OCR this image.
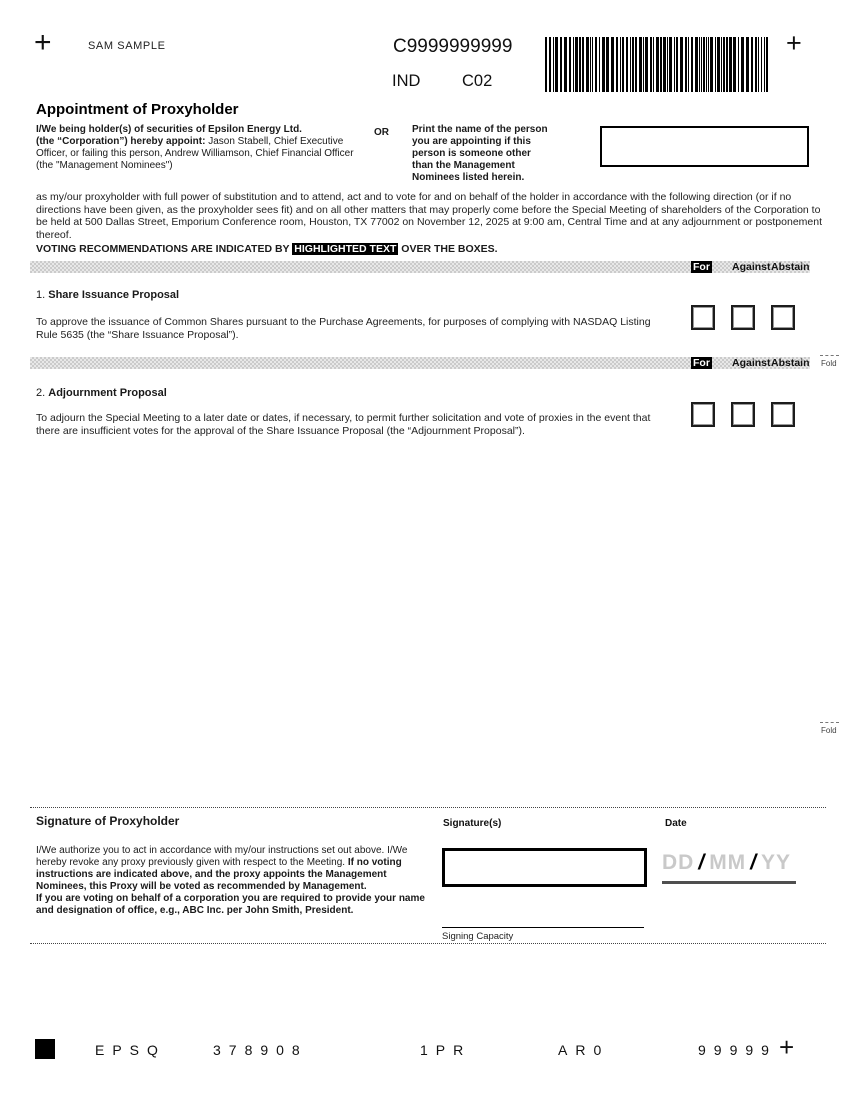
+	SAM SAMPLE	C9999999999
IND	C02
+
Appointment of Proxyholder
I/We being holder(s) of securities of Epsilon Energy Ltd.
(the “Corporation”) hereby appoint: Jason Stabell, Chief Executive Officer, or failing this person, Andrew Williamson, Chief Financial Officer (the "Management Nominees")
OR Print the name of the person you are appointing if this person is someone other than the Management Nominees listed herein.
as my/our proxyholder with full power of substitution and to attend, act and to vote for and on behalf of the holder in accordance with the following direction (or if no directions have been given, as the proxyholder sees fit) and on all other matters that may properly come before the Special Meeting of shareholders of the Corporation to be held at 500 Dallas Street, Emporium Conference room, Houston, TX 77002 on November 12, 2025 at 9:00 am, Central Time and at any adjournment or postponement thereof.
VOTING RECOMMENDATIONS ARE INDICATED BY HIGHLIGHTED TEXT OVER THE BOXES.
For Against Abstain
1. Share Issuance Proposal
To approve the issuance of Common Shares pursuant to the Purchase Agreements, for purposes of complying with NASDAQ Listing Rule 5635 (the “Share Issuance Proposal”).
For Against Abstain Fold
2. Adjournment Proposal
To adjourn the Special Meeting to a later date or dates, if necessary, to permit further solicitation and vote of proxies in the event that there are insufficient votes for the approval of the Share Issuance Proposal (the “Adjournment Proposal”).
Fold
Signature of Proxyholder	Signature(s)	Date
I/We authorize you to act in accordance with my/our instructions set out above. I/We hereby revoke any proxy previously given with respect to the Meeting. If no voting instructions are indicated above, and the proxy appoints the Management Nominees, this Proxy will be voted as recommended by Management.
If you are voting on behalf of a corporation you are required to provide your name and designation of office, e.g., ABC Inc. per John Smith, President.
DD / MM / YY
Signing Capacity
EPSQ	378908	1PR	AR0	99999 +
